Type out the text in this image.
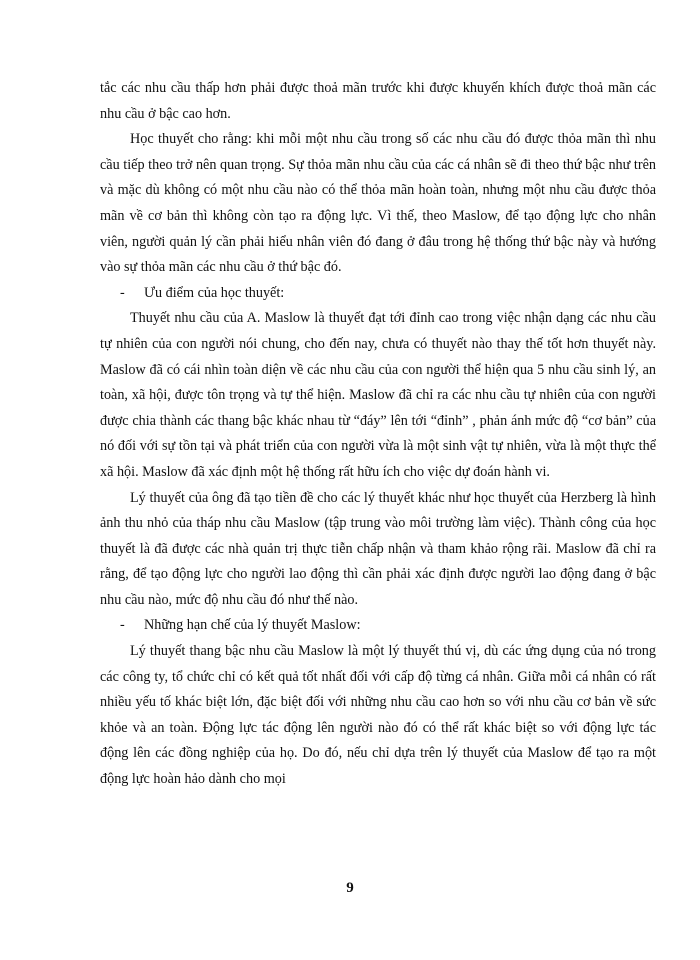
tắc các nhu cầu thấp hơn phải được thoả mãn trước khi được khuyến khích được thoả mãn các nhu cầu ở bậc cao hơn.

Học thuyết cho rằng: khi mỗi một nhu cầu trong số các nhu cầu đó được thỏa mãn thì nhu cầu tiếp theo trở nên quan trọng. Sự thỏa mãn nhu cầu của các cá nhân sẽ đi theo thứ bậc như trên và mặc dù không có một nhu cầu nào có thể thỏa mãn hoàn toàn, nhưng một nhu cầu được thỏa mãn về cơ bản thì không còn tạo ra động lực. Vì thế, theo Maslow, để tạo động lực cho nhân viên, người quản lý cần phải hiểu nhân viên đó đang ở đâu trong hệ thống thứ bậc này và hướng vào sự thỏa mãn các nhu cầu ở thứ bậc đó.

- Ưu điểm của học thuyết:

Thuyết nhu cầu của A. Maslow là thuyết đạt tới đỉnh cao trong việc nhận dạng các nhu cầu tự nhiên của con người nói chung, cho đến nay, chưa có thuyết nào thay thế tốt hơn thuyết này. Maslow đã có cái nhìn toàn diện về các nhu cầu của con người thể hiện qua 5 nhu cầu sinh lý, an toàn, xã hội, được tôn trọng và tự thể hiện. Maslow đã chỉ ra các nhu cầu tự nhiên của con người được chia thành các thang bậc khác nhau từ “đáy” lên tới “đỉnh” , phản ánh mức độ “cơ bản” của nó đối với sự tồn tại và phát triển của con người vừa là một sinh vật tự nhiên, vừa là một thực thể xã hội. Maslow đã xác định một hệ thống rất hữu ích cho việc dự đoán hành vi.

Lý thuyết của ông đã tạo tiền đề cho các lý thuyết khác như học thuyết của Herzberg là hình ảnh thu nhỏ của tháp nhu cầu Maslow (tập trung vào môi trường làm việc). Thành công của học thuyết là đã được các nhà quản trị thực tiễn chấp nhận và tham khảo rộng rãi. Maslow đã chỉ ra rằng, để tạo động lực cho người lao động thì cần phải xác định được người lao động đang ở bậc nhu cầu nào, mức độ nhu cầu đó như thế nào.

- Những hạn chế của lý thuyết Maslow:

Lý thuyết thang bậc nhu cầu Maslow là một lý thuyết thú vị, dù các ứng dụng của nó trong các công ty, tổ chức chỉ có kết quả tốt nhất đối với cấp độ từng cá nhân. Giữa mỗi cá nhân có rất nhiều yếu tố khác biệt lớn, đặc biệt đối với những nhu cầu cao hơn so với nhu cầu cơ bản về sức khỏe và an toàn. Động lực tác động lên người nào đó có thể rất khác biệt so với động lực tác động lên các đồng nghiệp của họ. Do đó, nếu chỉ dựa trên lý thuyết của Maslow để tạo ra một động lực hoàn hảo dành cho mọi

9
